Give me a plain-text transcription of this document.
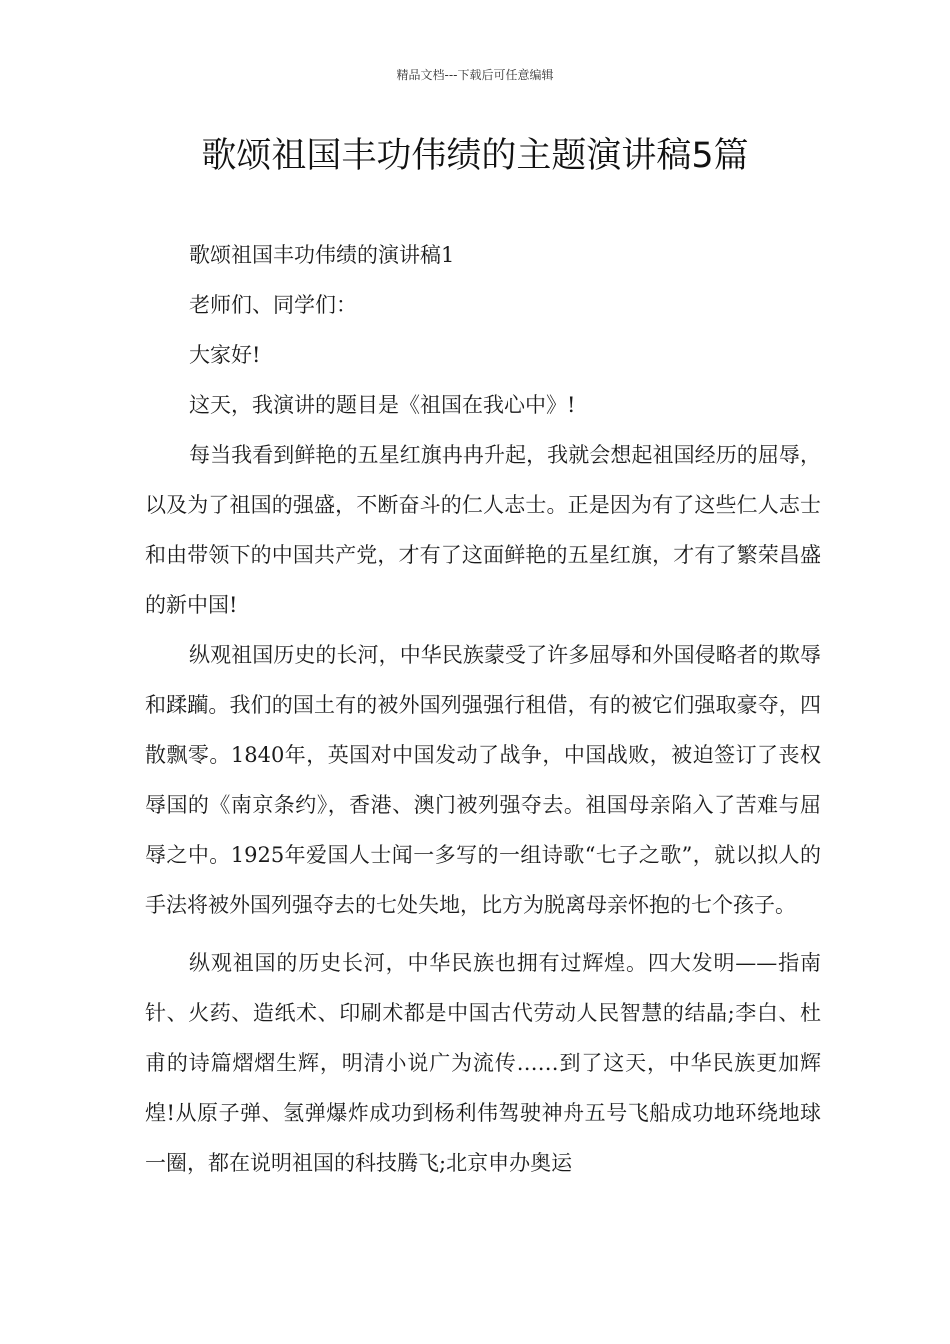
精品文档---下载后可任意编辑
歌颂祖国丰功伟绩的主题演讲稿5篇

歌颂祖国丰功伟绩的演讲稿1

老师们、同学们：

大家好!

这天，我演讲的题目是《祖国在我心中》!

每当我看到鲜艳的五星红旗冉冉升起，我就会想起祖国经历的屈辱，以及为了祖国的强盛，不断奋斗的仁人志士。正是因为有了这些仁人志士和由带领下的中国共产党，才有了这面鲜艳的五星红旗，才有了繁荣昌盛的新中国!

纵观祖国历史的长河，中华民族蒙受了许多屈辱和外国侵略者的欺辱和蹂躏。我们的国土有的被外国列强强行租借，有的被它们强取豪夺，四散飘零。1840年，英国对中国发动了战争，中国战败，被迫签订了丧权辱国的《南京条约》，香港、澳门被列强夺去。祖国母亲陷入了苦难与屈辱之中。1925年爱国人士闻一多写的一组诗歌“七子之歌”，就以拟人的手法将被外国列强夺去的七处失地，比方为脱离母亲怀抱的七个孩子。

纵观祖国的历史长河，中华民族也拥有过辉煌。四大发明——指南针、火药、造纸术、印刷术都是中国古代劳动人民智慧的结晶;李白、杜甫的诗篇熠熠生辉，明清小说广为流传……到了这天，中华民族更加辉煌!从原子弹、氢弹爆炸成功到杨利伟驾驶神舟五号飞船成功地环绕地球一圈，都在说明祖国的科技腾飞;北京申办奥运
